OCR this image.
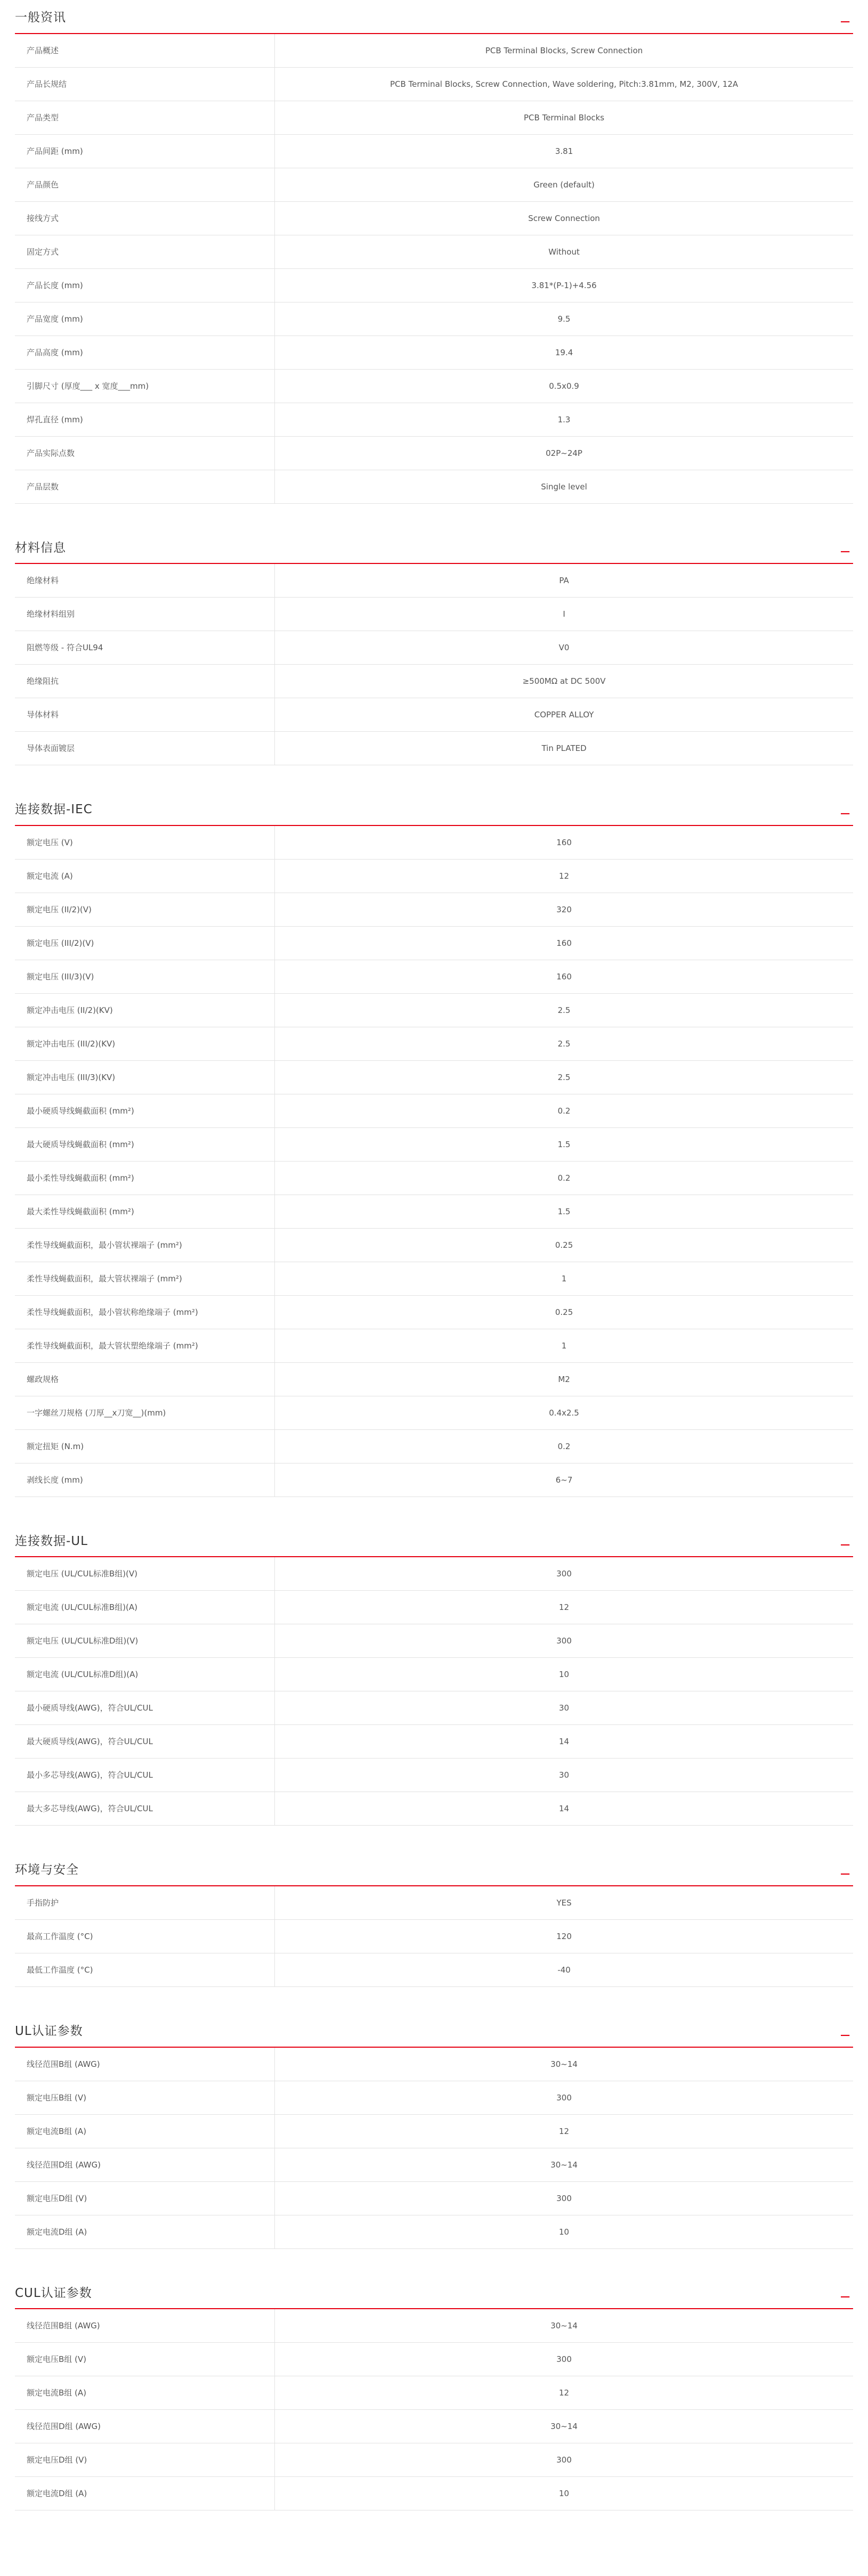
一般资讯	−
产品概述	PCB Terminal Blocks, Screw Connection
产品长规结	PCB Terminal Blocks, Screw Connection, Wave soldering, Pitch:3.81mm, M2, 300V, 12A
产品类型	PCB Terminal Blocks
产品间距 (mm)	3.81
产品颜色	Green (default)
接线方式	Screw Connection
固定方式	Without
产品长度 (mm)	3.81*(P-1)+4.56
产品宽度 (mm)	9.5
产品高度 (mm)	19.4
引脚尺寸 (厚度___ x 宽度___mm)	0.5x0.9
焊孔直径 (mm)	1.3
产品实际点数	02P~24P
产品层数	Single level
材料信息	−
绝缘材料	PA
绝缘材料组别	I
阻燃等级 - 符合UL94	V0
绝缘阻抗	≥500MΩ at DC 500V
导体材料	COPPER ALLOY
导体表面镀层	Tin PLATED
连接数据-IEC	−
额定电压 (V)	160
额定电流 (A)	12
额定电压 (II/2)(V)	320
额定电压 (III/2)(V)	160
额定电压 (III/3)(V)	160
额定冲击电压 (II/2)(KV)	2.5
额定冲击电压 (III/2)(KV)	2.5
额定冲击电压 (III/3)(KV)	2.5
最小硬质导线蝇截面积 (mm²)	0.2
最大硬质导线蝇截面积 (mm²)	1.5
最小柔性导线蝇截面积 (mm²)	0.2
最大柔性导线蝇截面积 (mm²)	1.5
柔性导线蝇截面积，最小管状裸端子 (mm²)	0.25
柔性导线蝇截面积，最大管状裸端子 (mm²)	1
柔性导线蝇截面积，最小管状称绝缘端子 (mm²)	0.25
柔性导线蝇截面积，最大管状塑绝缘端子 (mm²)	1
螺政规格	M2
一字螺丝刀规格 (刀厚__x刀宽__)(mm)	0.4x2.5
额定扭矩 (N.m)	0.2
剥线长度 (mm)	6~7
连接数据-UL	−
额定电压 (UL/CUL标准B组)(V)	300
额定电流 (UL/CUL标准B组)(A)	12
额定电压 (UL/CUL标准D组)(V)	300
额定电流 (UL/CUL标准D组)(A)	10
最小硬质导线(AWG)，符合UL/CUL	30
最大硬质导线(AWG)，符合UL/CUL	14
最小多芯导线(AWG)，符合UL/CUL	30
最大多芯导线(AWG)，符合UL/CUL	14
环境与安全	−
手指防护	YES
最高工作温度 (°C)	120
最低工作温度 (°C)	-40
UL认证参数	−
线径范围B组 (AWG)	30~14
额定电压B组 (V)	300
额定电流B组 (A)	12
线径范围D组 (AWG)	30~14
额定电压D组 (V)	300
额定电流D组 (A)	10
CUL认证参数	−
线径范围B组 (AWG)	30~14
额定电压B组 (V)	300
额定电流B组 (A)	12
线径范围D组 (AWG)	30~14
额定电压D组 (V)	300
额定电流D组 (A)	10
